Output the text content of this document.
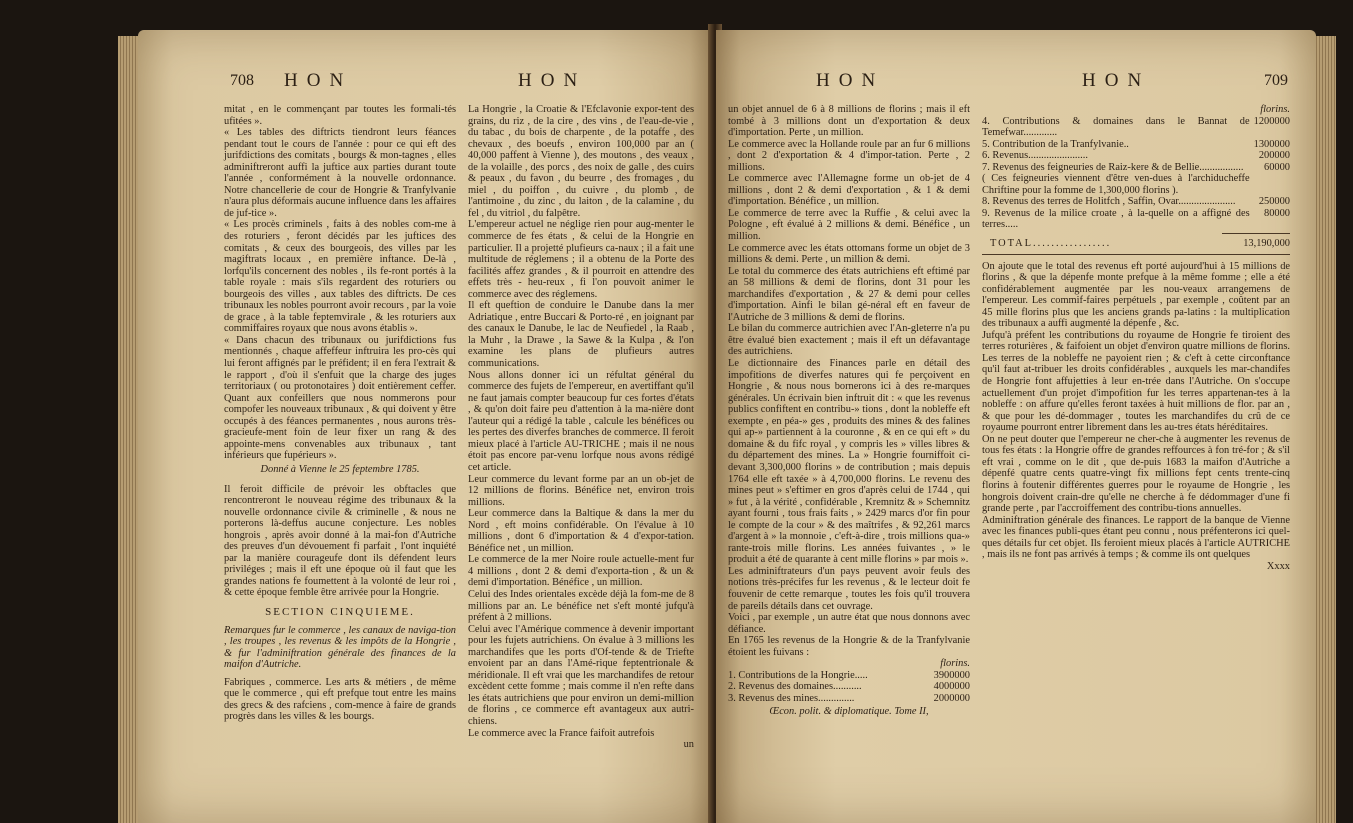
708 HON	HON

mitat , en le commençant par toutes les formali-tés ufitées ».

« Les tables des diftricts tiendront leurs féances pendant tout le cours de l'année : pour ce qui eft des jurifdictions des comitats , bourgs & mon-tagnes , elles adminiftreront auffi la juftice aux parties durant toute l'année , conformément à la nouvelle ordonnance. Notre chancellerie de cour de Hongrie & Tranfylvanie n'aura plus déformais aucune influence dans les affaires de juf-tice ».

« Les procès criminels , faits à des nobles com-me à des roturiers , feront décidés par les juftices des comitats , & ceux des bourgeois, des villes par les magiftrats locaux , en première inftance. De-là , lorfqu'ils concernent des nobles , ils fe-ront portés à la table royale : mais s'ils regardent des roturiers ou bourgeois des villes , aux tables des diftricts. De ces tribunaux les nobles pourront avoir recours , par la voie de grace , à la table feptemvirale , & les roturiers aux commiffaires royaux que nous avons établis ».

« Dans chacun des tribunaux ou jurifdictions fus mentionnés , chaque affeffeur inftruira les pro-cès qui lui feront affignés par le préfident; il en fera l'extrait & le rapport , d'où il s'enfuit que la charge des juges territoriaux ( ou protonotaires ) doit entièrement ceffer. Quant aux confeillers que nous nommerons pour compofer les nouveaux tribunaux , & qui doivent y être occupés à des féances permanentes , nous aurons très-gracieufe-ment foin de leur fixer un rang & des appointe-mens convenables aux tribunaux , tant inférieurs que fupérieurs ».

Donné à Vienne le 25 feptembre 1785.

Il feroit difficile de prévoir les obftacles que rencontreront le nouveau régime des tribunaux & la nouvelle ordonnance civile & criminelle , & nous ne porterons là-deffus aucune conjecture. Les nobles hongrois , après avoir donné à la mai-fon d'Autriche des preuves d'un dévouement fi parfait , l'ont inquiété par la manière courageufe dont ils défendent leurs priviléges ; mais il eft une époque où il faut que les grandes nations fe foumettent à la volonté de leur roi , & cette époque femble être arrivée pour la Hongrie.

SECTION CINQUIEME.

Remarques fur le commerce , les canaux de naviga-tion , les troupes , les revenus & les impôts de la Hongrie , & fur l'adminiftration générale des finances de la maifon d'Autriche.

Fabriques , commerce. Les arts & métiers , de même que le commerce , qui eft prefque tout entre les mains des grecs & des rafciens , com-mence à faire de grands progrès dans les villes & les bourgs.

La Hongrie , la Croatie & l'Efclavonie expor-tent des grains, du riz , de la cire , des vins , de l'eau-de-vie , du tabac , du bois de charpente , de la potaffe , des chevaux , des boeufs , environ 100,000 par an ( 40,000 paffent à Vienne ), des moutons , des veaux , de la volaille , des porcs , des noix de galle , des cuirs & peaux , du favon , du beurre , des fromages , du miel , du poiffon , du cuivre , du plomb , de l'antimoine , du zinc , du laiton , de la calamine , du fel , du vitriol , du falpêtre.

L'empereur actuel ne néglige rien pour aug-menter le commerce de fes états , & celui de la Hongrie en particulier. Il a projetté plufieurs ca-naux ; il a fait une multitude de réglemens ; il a obtenu de la Porte des facilités affez grandes , & il pourroit en attendre des effets très - heu-reux , fi l'on pouvoit animer le commerce avec des réglemens.

Il eft queftion de conduire le Danube dans la mer Adriatique , entre Buccari & Porto-ré , en joignant par des canaux le Danube, le lac de Neufiedel , la Raab , la Muhr , la Drawe , la Sawe & la Kulpa , & l'on examine les plans de plufieurs autres communications.

Nous allons donner ici un réfultat général du commerce des fujets de l'empereur, en avertiffant qu'il ne faut jamais compter beaucoup fur ces fortes d'états , & qu'on doit faire peu d'attention à la ma-nière dont l'auteur qui a rédigé la table , calcule les bénéfices ou les pertes des diverfes branches de commerce. Il feroit mieux placé à l'article AU-TRICHE ; mais il ne nous étoit pas encore par-venu lorfque nous avons rédigé cet article.

Leur commerce du levant forme par an un ob-jet de 12 millions de florins. Bénéfice net, environ trois millions.

Leur commerce dans la Baltique & dans la mer du Nord , eft moins confidérable. On l'évalue à 10 millions , dont 6 d'importation & 4 d'expor-tation. Bénéfice net , un million.

Le commerce de la mer Noire roule actuelle-ment fur 4 millions , dont 2 & demi d'exporta-tion , & un & demi d'importation. Bénéfice , un million.

Celui des Indes orientales excède déjà la fom-me de 8 millions par an. Le bénéfice net s'eft monté jufqu'à préfent à 2 millions.

Celui avec l'Amérique commence à devenir important pour les fujets autrichiens. On évalue à 3 millions les marchandifes que les ports d'Of-tende & de Triefte envoient par an dans l'Amé-rique feptentrionale & méridionale. Il eft vrai que les marchandifes de retour excèdent cette fomme ; mais comme il n'en refte dans les états autrichiens que pour environ un demi-million de florins , ce commerce eft avantageux aux autri-chiens.

Le commerce avec la France faifoit autrefois

un

HON	HON	709

un objet annuel de 6 à 8 millions de florins ; mais il eft tombé à 3 millions dont un d'exportation & deux d'importation. Perte , un million.

Le commerce avec la Hollande roule par an fur 6 millions , dont 2 d'exportation & 4 d'impor-tation. Perte , 2 millions.

Le commerce avec l'Allemagne forme un ob-jet de 4 millions , dont 2 & demi d'exportation , & 1 & demi d'importation. Bénéfice , un million.

Le commerce de terre avec la Ruffie , & celui avec la Pologne , eft évalué à 2 millions & demi. Bénéfice , un million.

Le commerce avec les états ottomans forme un objet de 3 millions & demi. Perte , un million & demi.

Le total du commerce des états autrichiens eft eftimé par an 58 millions & demi de florins, dont 31 pour les marchandifes d'exportation , & 27 & demi pour celles d'importation. Ainfi le bilan gé-néral eft en faveur de l'Autriche de 3 millions & demi de florins.

Le bilan du commerce autrichien avec l'An-gleterre n'a pu être évalué bien exactement ; mais il eft un défavantage des autrichiens.

Le dictionnaire des Finances parle en détail des impofitions de diverfes natures qui fe perçoivent en Hongrie , & nous nous bornerons ici à des re-marques générales. Un écrivain bien inftruit dit : « que les revenus publics confiftent en contribu-» tions , dont la nobleffe eft exempte , en péa-» ges , produits des mines & des falines qui ap-» partiennent à la couronne , & en ce qui eft » du domaine & du fifc royal , y compris les » villes libres & du département des mines. La » Hongrie fourniffoit ci-devant 3,300,000 florins » de contribution ; mais depuis 1764 elle eft taxée » à 4,700,000 florins. Le revenu des mines peut » s'eftimer en gros d'après celui de 1744 , qui » fut , à la vérité , confidérable , Kremnitz & » Schemnitz ayant fourni , tous frais faits , » 2429 marcs d'or fin pour le compte de la cour » & des maîtrifes , & 92,261 marcs d'argent à » la monnoie , c'eft-à-dire , trois millions qua-» rante-trois mille florins. Les années fuivantes , » le produit a été de quarante à cent mille florins » par mois ».

Les adminiftrateurs d'un pays peuvent avoir feuls des notions très-précifes fur les revenus , & le lecteur doit fe fouvenir de cette remarque , toutes les fois qu'il trouvera de pareils détails dans cet ouvrage.

Voici , par exemple , un autre état que nous donnons avec défiance.

En 1765 les revenus de la Hongrie & de la Tranfylvanie étoient les fuivans :

florins.

1. Contributions de la Hongrie.....	3900000
2. Revenus des domaines...........	4000000
3. Revenus des mines..............	2000000

Œcon. polit. & diplomatique. Tome II,

florins.

4. Contributions & domaines dans le Bannat de Temefwar.............	1200000
5. Contribution de la Tranfylvanie..	1300000
6. Revenus.......................	200000
7. Revenus des feigneuries de Raiz-kere & de Bellie.................	60000
( Ces feigneuries viennent d'être ven-dues à l'archiducheffe Chriftine pour la fomme de 1,300,000 florins ).	
8. Revenus des terres de Holitfch , Saffin, Ovar......................	250000
9. Revenus de la milice croate , à la-quelle on a affigné des terres.....	80000
TOTAL.................	13,190,000

On ajoute que le total des revenus eft porté aujourd'hui à 15 millions de florins , & que la dépenfe monte prefque à la même fomme ; elle a été confidérablement augmentée par les nou-veaux arrangemens de l'empereur. Les commif-faires perpétuels , par exemple , coûtent par an 45 mille florins plus que les anciens grands pa-latins : la multiplication des tribunaux a auffi augmenté la dépenfe , &c.

Jufqu'à préfent les contributions du royaume de Hongrie fe tiroient des terres roturières , & faifoient un objet d'environ quatre millions de florins. Les terres de la nobleffe ne payoient rien ; & c'eft à cette circonftance qu'il faut at-tribuer les droits confidérables , auxquels les mar-chandifes de Hongrie font affujetties à leur en-trée dans l'Autriche. On s'occupe actuellement d'un projet d'impofition fur les terres appartenan-tes à la nobleffe : on affure qu'elles feront taxées à huit millions de flor. par an , & que pour les dé-dommager , toutes les marchandifes du crû de ce royaume pourront entrer librement dans les au-tres états héréditaires.

On ne peut douter que l'empereur ne cher-che à augmenter les revenus de tous fes états : la Hongrie offre de grandes reffources à fon tré-for ; & s'il eft vrai , comme on le dit , que de-puis 1683 la maifon d'Autriche a dépenfé quatre cents quatre-vingt fix millions fept cents trente-cinq florins à foutenir différentes guerres pour le royaume de Hongrie , les hongrois doivent crain-dre qu'elle ne cherche à fe dédommager d'une fi grande perte , par l'accroiffement des contribu-tions annuelles.

Adminiftration générale des finances. Le rapport de la banque de Vienne avec les finances publi-ques étant peu connu , nous préfenterons ici quel-ques détails fur cet objet. Ils feroient mieux placés à l'article AUTRICHE , mais ils ne font pas arrivés à temps ; & comme ils ont quelques

Xxxx
